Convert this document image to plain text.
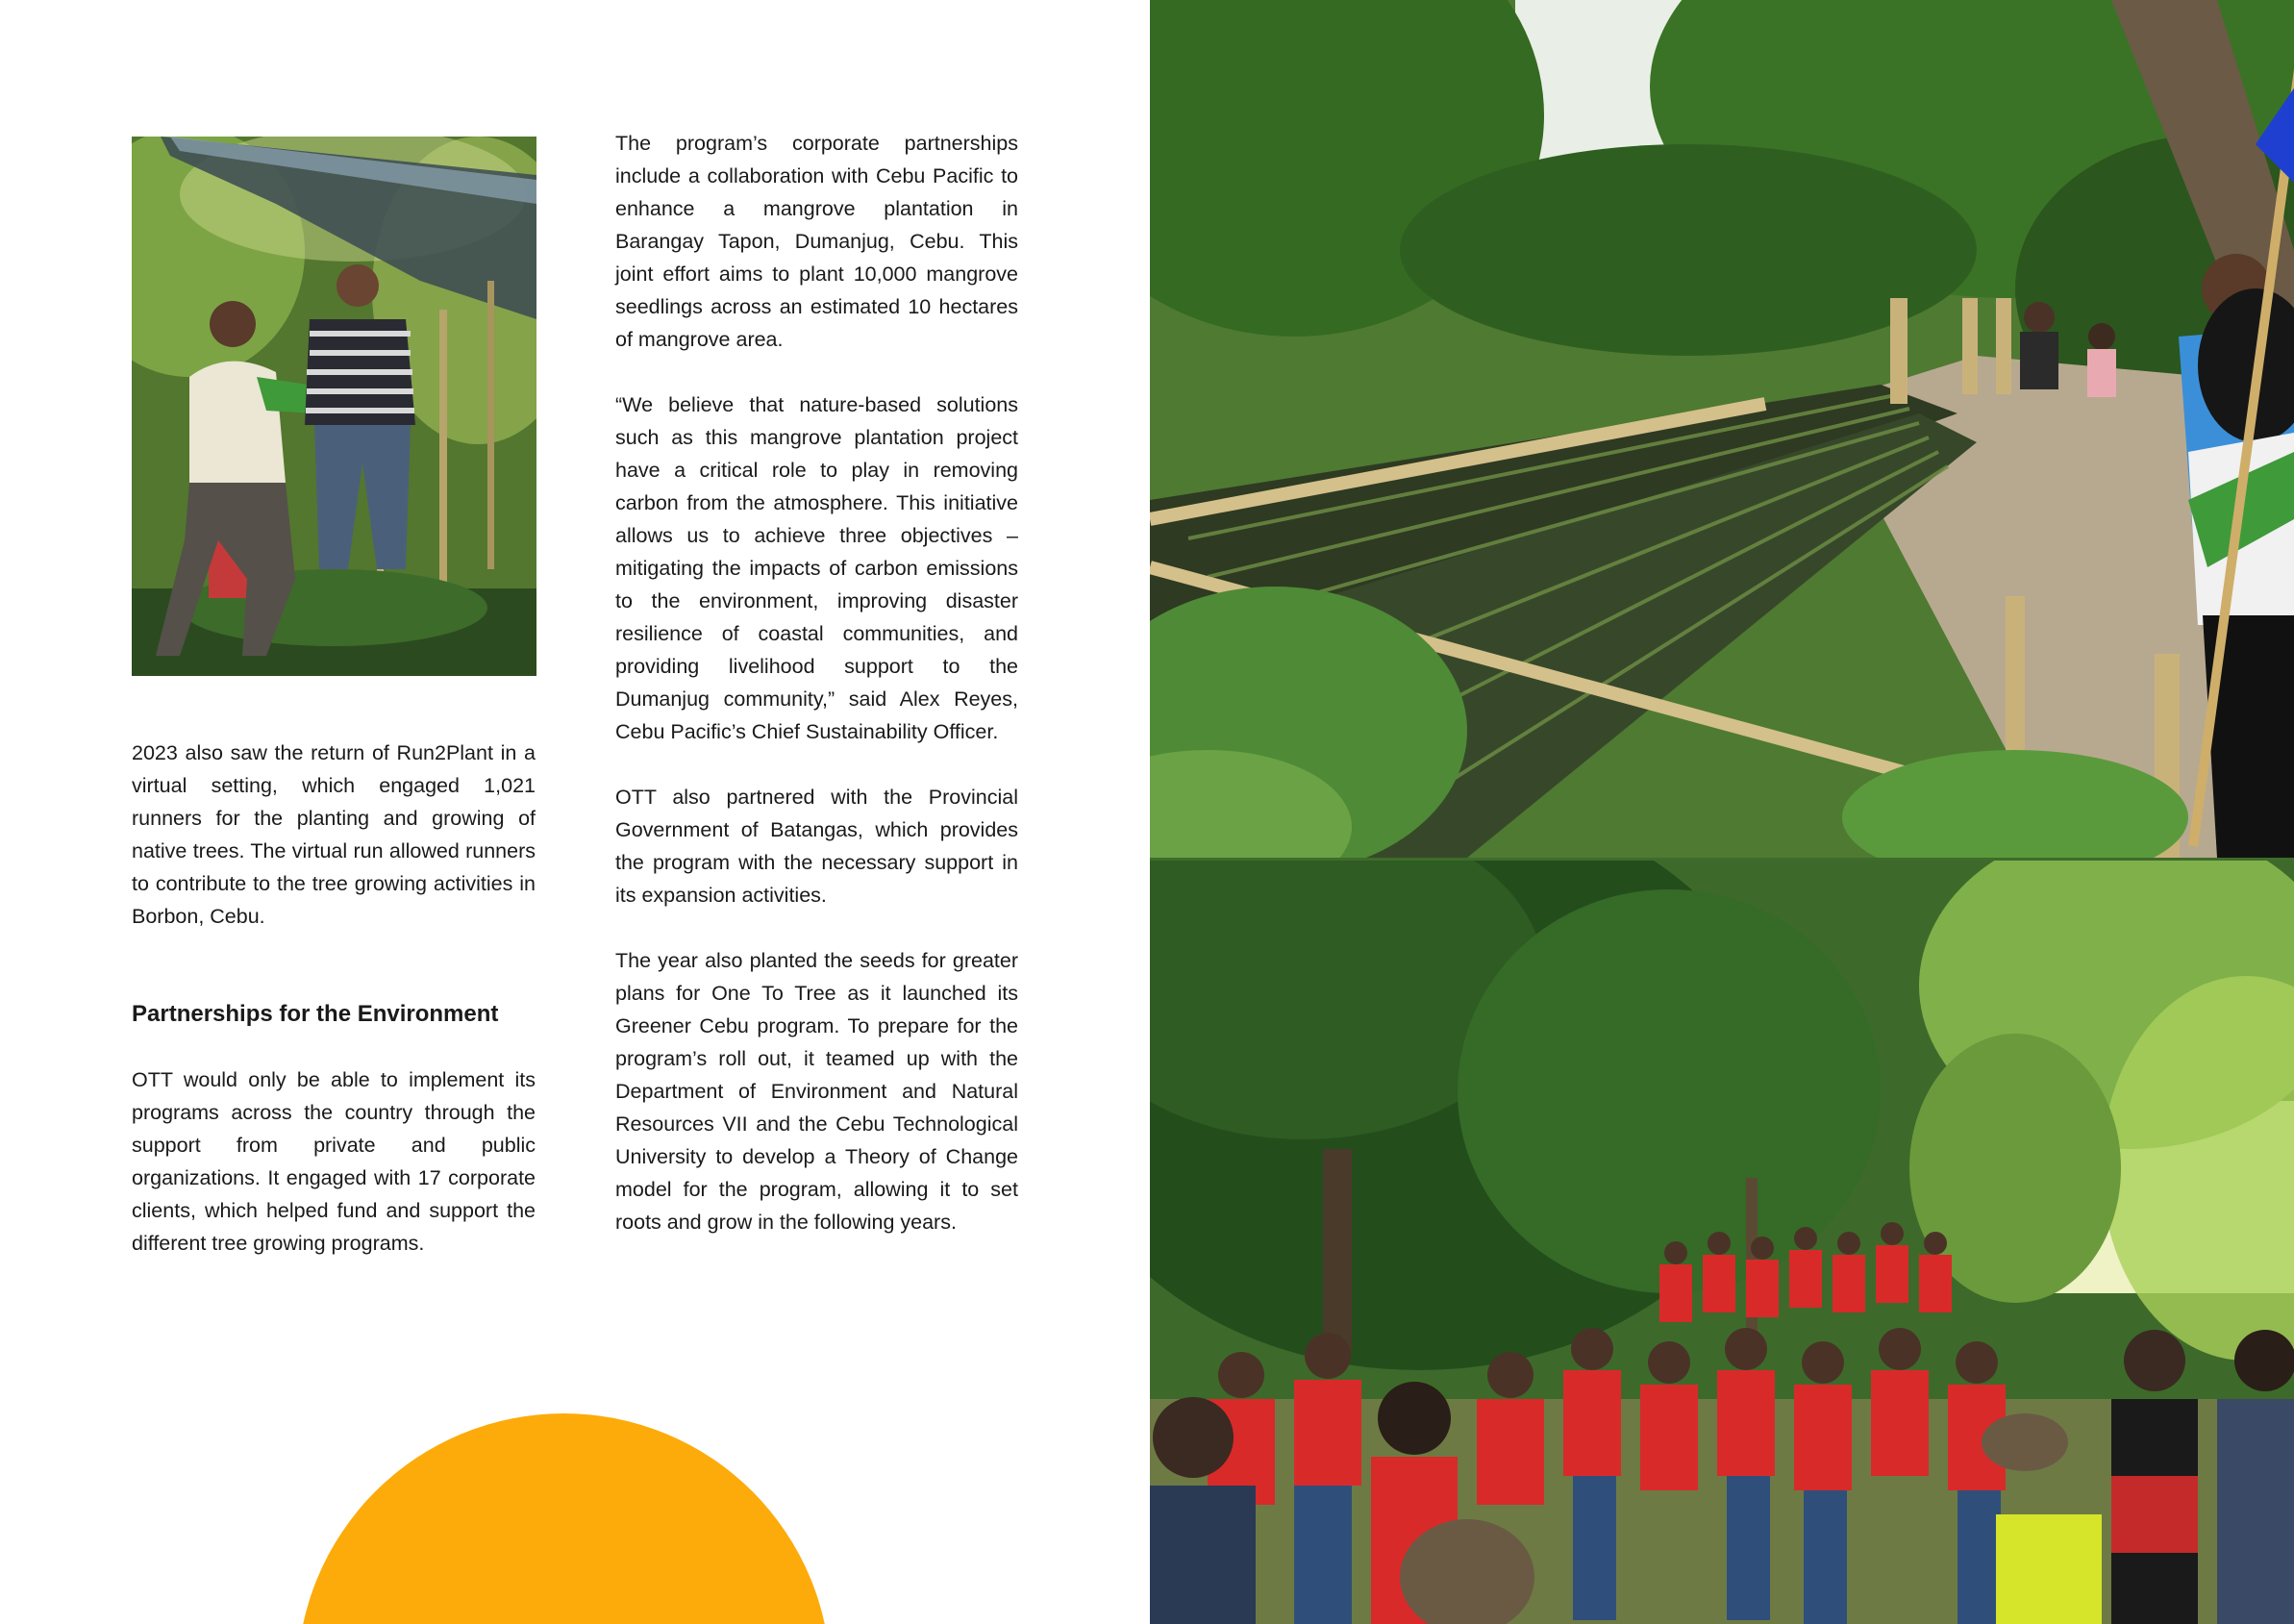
2023 also saw the return of Run2Plant in a virtual setting, which engaged 1,021 runners for the planting and growing of native trees. The virtual run allowed runners to contribute to the tree growing activities in Borbon, Cebu.

Partnerships for the Environment

OTT would only be able to implement its programs across the country through the support from private and public organizations. It engaged with 17 corporate clients, which helped fund and support the different tree growing programs.

The program’s corporate partnerships include a collaboration with Cebu Pacific to enhance a mangrove plantation in Barangay Tapon, Dumanjug, Cebu. This joint effort aims to plant 10,000 mangrove seedlings across an estimated 10 hectares of mangrove area.

“We believe that nature-based solutions such as this mangrove plantation project have a critical role to play in removing carbon from the atmosphere. This initiative allows us to achieve three objectives – mitigating the impacts of carbon emissions to the environment, improving disaster resilience of coastal communities, and providing livelihood support to the Dumanjug community,” said Alex Reyes, Cebu Pacific’s Chief Sustainability Officer.

OTT also partnered with the Provincial Government of Batangas, which provides the program with the necessary support in its expansion activities.

The year also planted the seeds for greater plans for One To Tree as it launched its Greener Cebu program. To prepare for the program’s roll out, it teamed up with the Department of Environment and Natural Resources VII and the Cebu Technological University to develop a Theory of Change model for the program, allowing it to set roots and grow in the following years.
